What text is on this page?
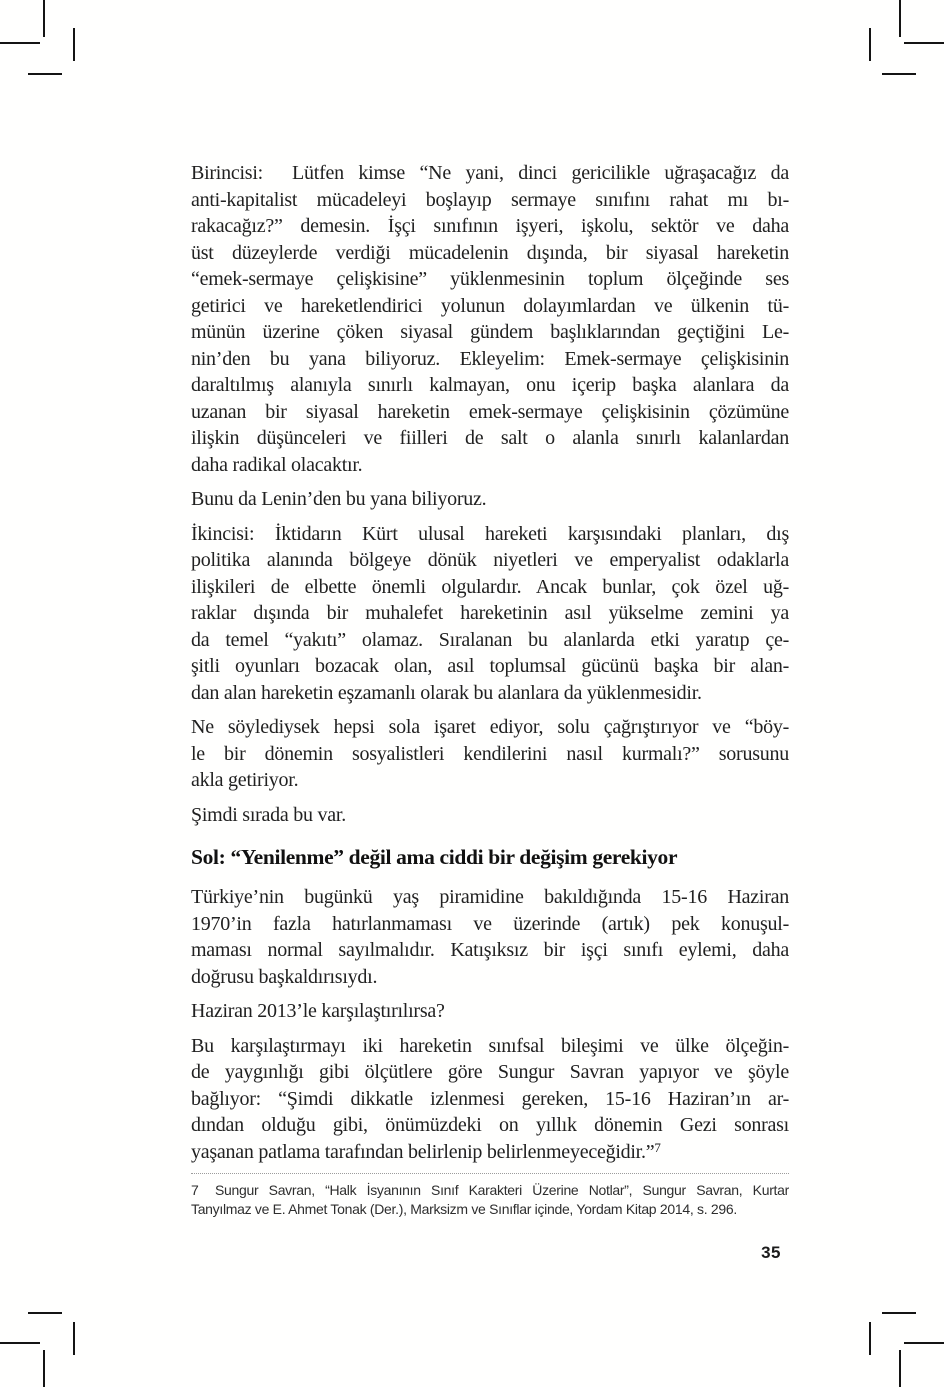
Birincisi:  Lütfen kimse “Ne yani, dinci gericilikle uğraşacağız da
anti-kapitalist mücadeleyi boşlayıp sermaye sınıfını rahat mı bı-
rakacağız?” demesin. İşçi sınıfının işyeri, işkolu, sektör ve daha
üst düzeylerde verdiği mücadelenin dışında, bir siyasal hareketin
“emek-sermaye çelişkisine” yüklenmesinin toplum ölçeğinde ses
getirici ve hareketlendirici yolunun dolayımlardan ve ülkenin tü-
münün üzerine çöken siyasal gündem başlıklarından geçtiğini Le-
nin’den bu yana biliyoruz. Ekleyelim: Emek-sermaye çelişkisinin
daraltılmış alanıyla sınırlı kalmayan, onu içerip başka alanlara da
uzanan bir siyasal hareketin emek-sermaye çelişkisinin çözümüne
ilişkin düşünceleri ve fiilleri de salt o alanla sınırlı kalanlardan
daha radikal olacaktır.

Bunu da Lenin’den bu yana biliyoruz.

İkincisi: İktidarın Kürt ulusal hareketi karşısındaki planları, dış
politika alanında bölgeye dönük niyetleri ve emperyalist odaklarla
ilişkileri de elbette önemli olgulardır. Ancak bunlar, çok özel uğ-
raklar dışında bir muhalefet hareketinin asıl yükselme zemini ya
da temel “yakıtı” olamaz. Sıralanan bu alanlarda etki yaratıp çe-
şitli oyunları bozacak olan, asıl toplumsal gücünü başka bir alan-
dan alan hareketin eşzamanlı olarak bu alanlara da yüklenmesidir.

Ne söylediysek hepsi sola işaret ediyor, solu çağrıştırıyor ve “böy-
le bir dönemin sosyalistleri kendilerini nasıl kurmalı?” sorusunu
akla getiriyor.

Şimdi sırada bu var.

Sol: “Yenilenme” değil ama ciddi bir değişim gerekiyor

Türkiye’nin bugünkü yaş piramidine bakıldığında 15-16 Haziran
1970’in fazla hatırlanmaması ve üzerinde (artık) pek konuşul-
maması normal sayılmalıdır. Katışıksız bir işçi sınıfı eylemi, daha
doğrusu başkaldırısıydı.

Haziran 2013’le karşılaştırılırsa?

Bu karşılaştırmayı iki hareketin sınıfsal bileşimi ve ülke ölçeğin-
de yaygınlığı gibi ölçütlere göre Sungur Savran yapıyor ve şöyle
bağlıyor: “Şimdi dikkatle izlenmesi gereken, 15-16 Haziran’ın ar-
dından olduğu gibi, önümüzdeki on yıllık dönemin Gezi sonrası
yaşanan patlama tarafından belirlenip belirlenmeyeceğidir.”$^7$

7 Sungur Savran, “Halk İsyanının Sınıf Karakteri Üzerine Notlar”, Sungur Savran, Kurtar
Tanyılmaz ve E. Ahmet Tonak (Der.), Marksizm ve Sınıflar içinde, Yordam Kitap 2014, s. 296.
35
